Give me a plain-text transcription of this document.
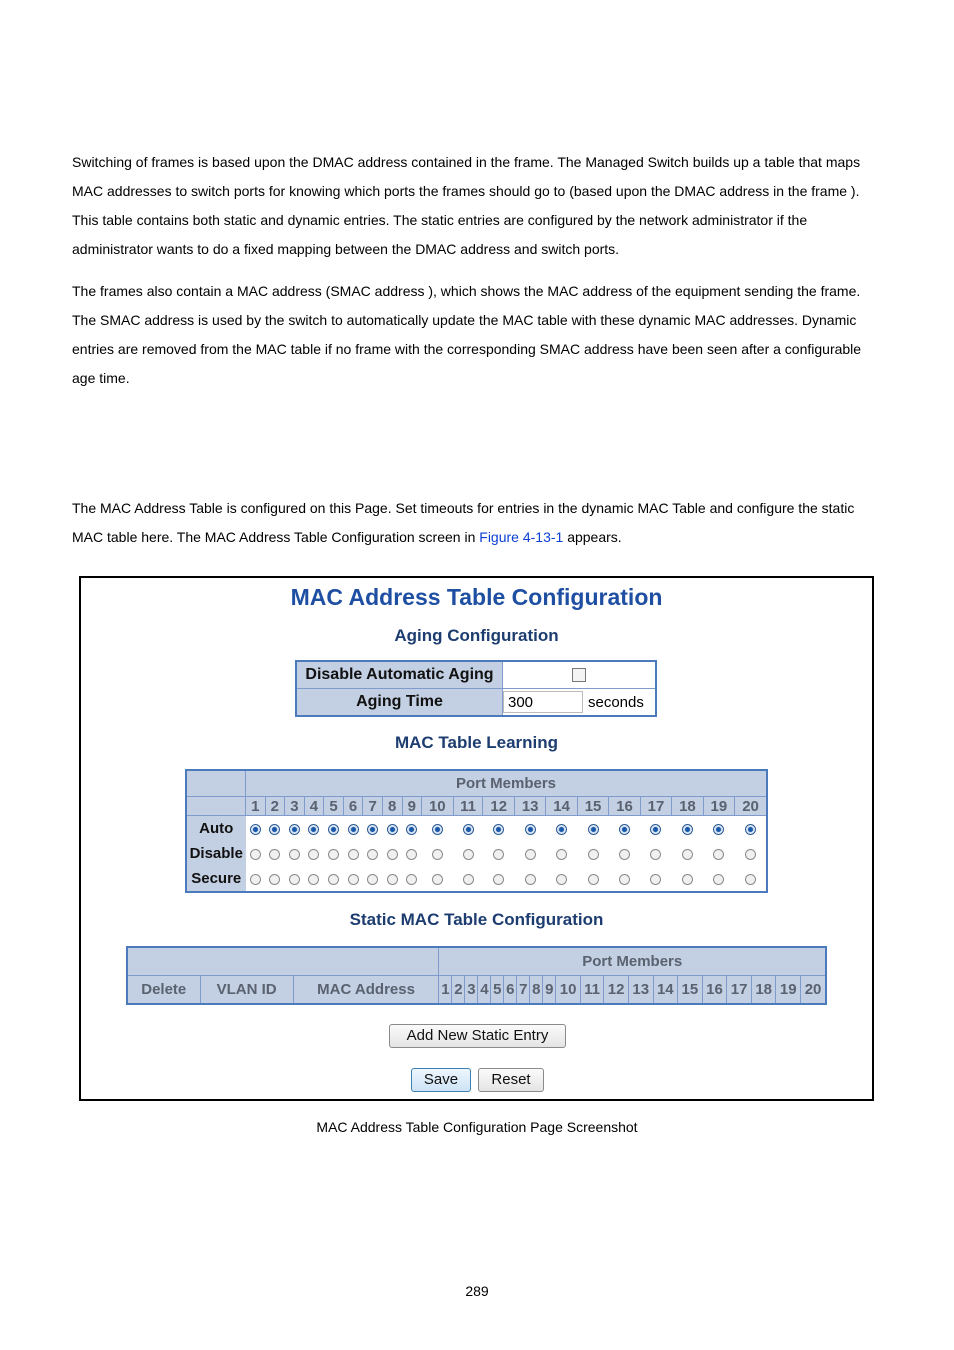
Switching of frames is based upon the DMAC address contained in the frame. The Managed Switch builds up a table that maps MAC addresses to switch ports for knowing which ports the frames should go to (based upon the DMAC address in the frame ). This table contains both static and dynamic entries. The static entries are configured by the network administrator if the administrator wants to do a fixed mapping between the DMAC address and switch ports.

The frames also contain a MAC address (SMAC address ), which shows the MAC address of the equipment sending the frame. The SMAC address is used by the switch to automatically update the MAC table with these dynamic MAC addresses. Dynamic entries are removed from the MAC table if no frame with the corresponding SMAC address have been seen after a configurable age time.

The MAC Address Table is configured on this Page. Set timeouts for entries in the dynamic MAC Table and configure the static MAC table here. The MAC Address Table Configuration screen in Figure 4-13-1 appears.

MAC Address Table Configuration
Aging Configuration
Disable Automatic Aging	
Aging Time	300 seconds
MAC Table Learning
	Port Members																			
	1	2	3	4	5	6	7	8	9	10	11	12	13	14	15	16	17	18	19	20
Auto																				
Disable																				
Secure																				
Static MAC Table Configuration
			Port Members																			
Delete	VLAN ID	MAC Address	1	2	3	4	5	6	7	8	9	10	11	12	13	14	15	16	17	18	19	20
Add New Static Entry
Save	Reset
MAC Address Table Configuration Page Screenshot
289
